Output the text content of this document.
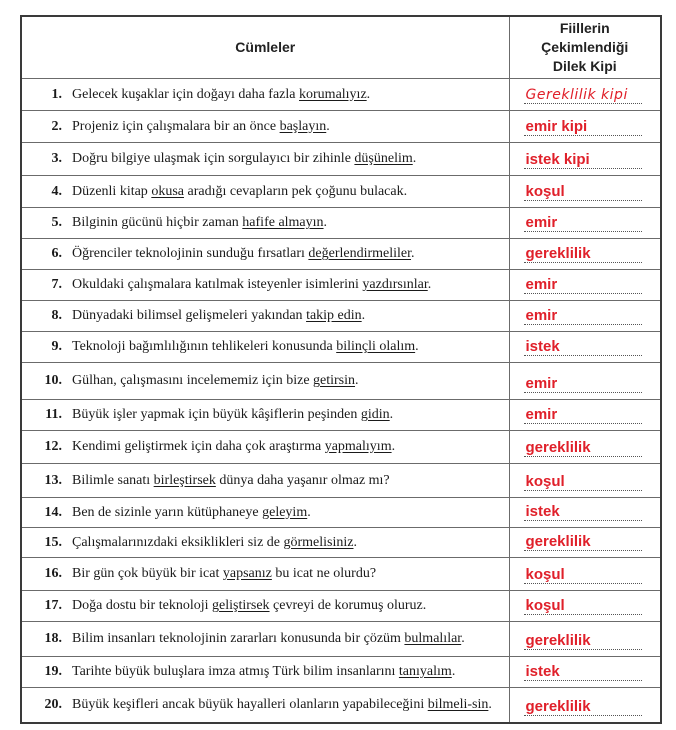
Cümleler	Fiillerin
Çekimlendiği
Dilek Kipi

1. Gelecek kuşaklar için doğayı daha fazla korumalıyız.	Gereklilik kipi

2. Projeniz için çalışmalara bir an önce başlayın.	emir kipi

3. Doğru bilgiye ulaşmak için sorgulayıcı bir zihinle düşünelim.	istek kipi

4. Düzenli kitap okusa aradığı cevapların pek çoğunu bulacak.	koşul

5. Bilginin gücünü hiçbir zaman hafife almayın.	emir

6. Öğrenciler teknolojinin sunduğu fırsatları değerlendirmeliler.	gereklilik

7. Okuldaki çalışmalara katılmak isteyenler isimlerini yazdırsınlar.	emir

8. Dünyadaki bilimsel gelişmeleri yakından takip edin.	emir

9. Teknoloji bağımlılığının tehlikeleri konusunda bilinçli olalım.	istek

10. Gülhan, çalışmasını incelememiz için bize getirsin.	emir

11. Büyük işler yapmak için büyük kâşiflerin peşinden gidin.	emir

12. Kendimi geliştirmek için daha çok araştırma yapmalıyım.	gereklilik

13. Bilimle sanatı birleştirsek dünya daha yaşanır olmaz mı?	koşul

14. Ben de sizinle yarın kütüphaneye geleyim.	istek

15. Çalışmalarınızdaki eksiklikleri siz de görmelisiniz.	gereklilik

16. Bir gün çok büyük bir icat yapsanız bu icat ne olurdu?	koşul

17. Doğa dostu bir teknoloji geliştirsek çevreyi de korumuş oluruz.	koşul

18. Bilim insanları teknolojinin zararları konusunda bir çözüm bulmalılar.	gereklilik

19. Tarihte büyük buluşlara imza atmış Türk bilim insanlarını tanıyalım.	istek

20. Büyük keşifleri ancak büyük hayalleri olanların yapabileceğini bilmeli-sin.	gereklilik
